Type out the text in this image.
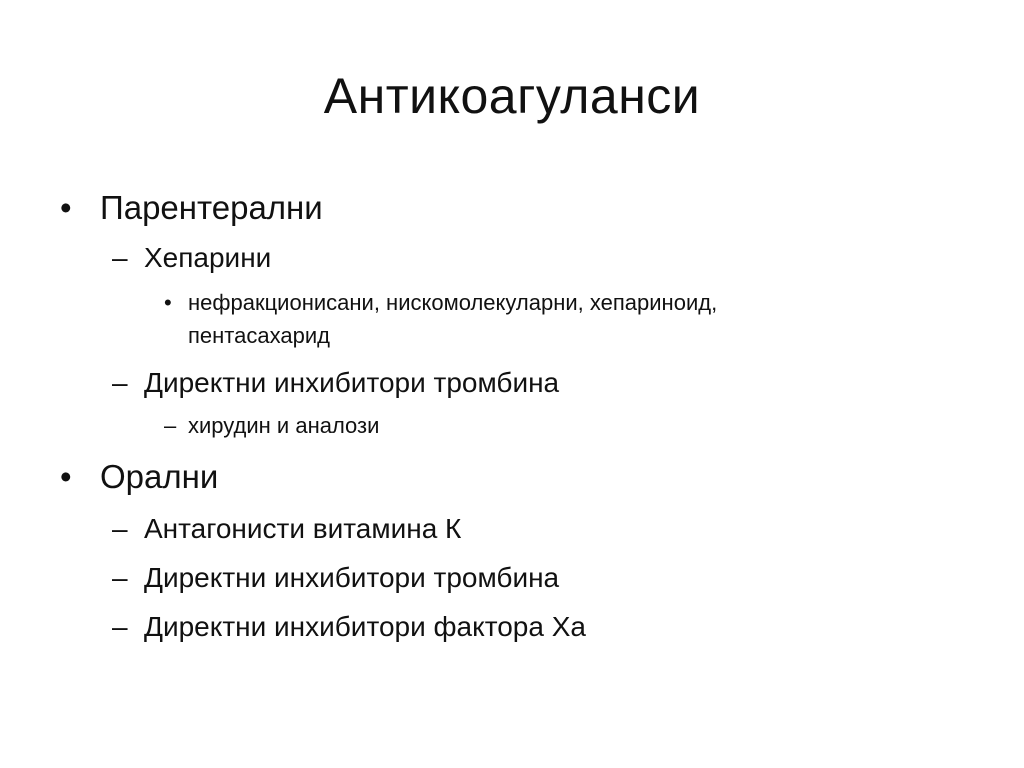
Антикоагуланси
• Парентерални
– Хепарини
• нефракционисани, нискомолекуларни, хепариноид,
пентасахарид
– Директни инхибитори тромбина
– хирудин и аналози
• Орални
– Антагонисти витамина К
– Директни инхибитори тромбина
– Директни инхибитори фактора Ха
